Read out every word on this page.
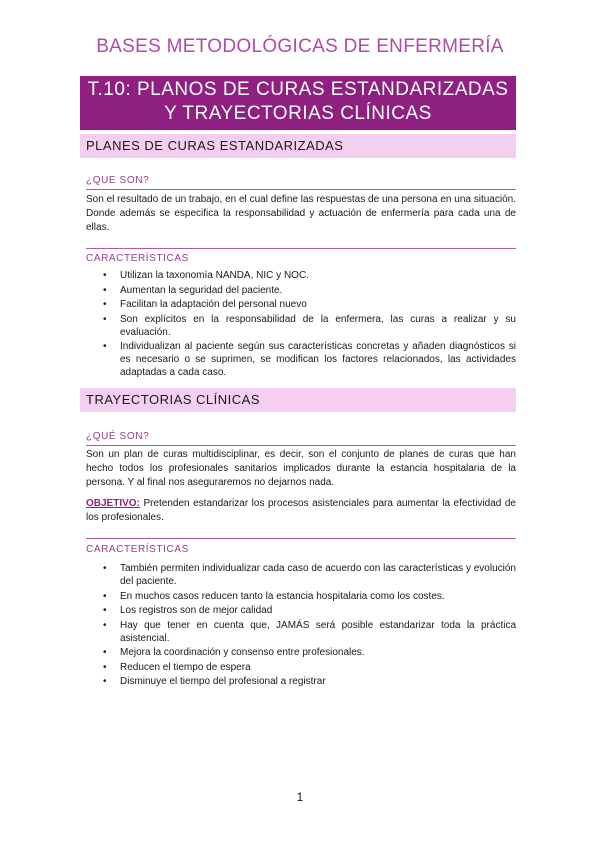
BASES METODOLÓGICAS DE ENFERMERÍA
T.10: PLANOS DE CURAS ESTANDARIZADAS
Y TRAYECTORIAS CLÍNICAS
PLANES DE CURAS ESTANDARIZADAS
¿QUE SON?
Son el resultado de un trabajo, en el cual define las respuestas de una persona en una situación. Donde además se especifica la responsabilidad y actuación de enfermería para cada una de ellas.
CARACTERÍSTICAS
• Utilizan la taxonomía NANDA, NIC y NOC.
• Aumentan la seguridad del paciente.
• Facilitan la adaptación del personal nuevo
• Son explícitos en la responsabilidad de la enfermera, las curas a realizar y su evaluación.
• Individualizan al paciente según sus características concretas y añaden diagnósticos si es necesario o se suprimen, se modifican los factores relacionados, las actividades adaptadas a cada caso.
TRAYECTORIAS CLÍNICAS
¿QUÉ SON?
Son un plan de curas multidisciplinar, es decir, son el conjunto de planes de curas que han hecho todos los profesionales sanitarios implicados durante la estancia hospitalaria de la persona. Y al final nos aseguraremos no dejarnos nada.
OBJETIVO: Pretenden estandarizar los procesos asistenciales para aumentar la efectividad de los profesionales.
CARACTERÍSTICAS
• También permiten individualizar cada caso de acuerdo con las características y evolución del paciente.
• En muchos casos reducen tanto la estancia hospitalaria como los costes.
• Los registros son de mejor calidad
• Hay que tener en cuenta que, JAMÁS será posible estandarizar toda la práctica asistencial.
• Mejora la coordinación y consenso entre profesionales.
• Reducen el tiempo de espera
• Disminuye el tiempo del profesional a registrar
1
